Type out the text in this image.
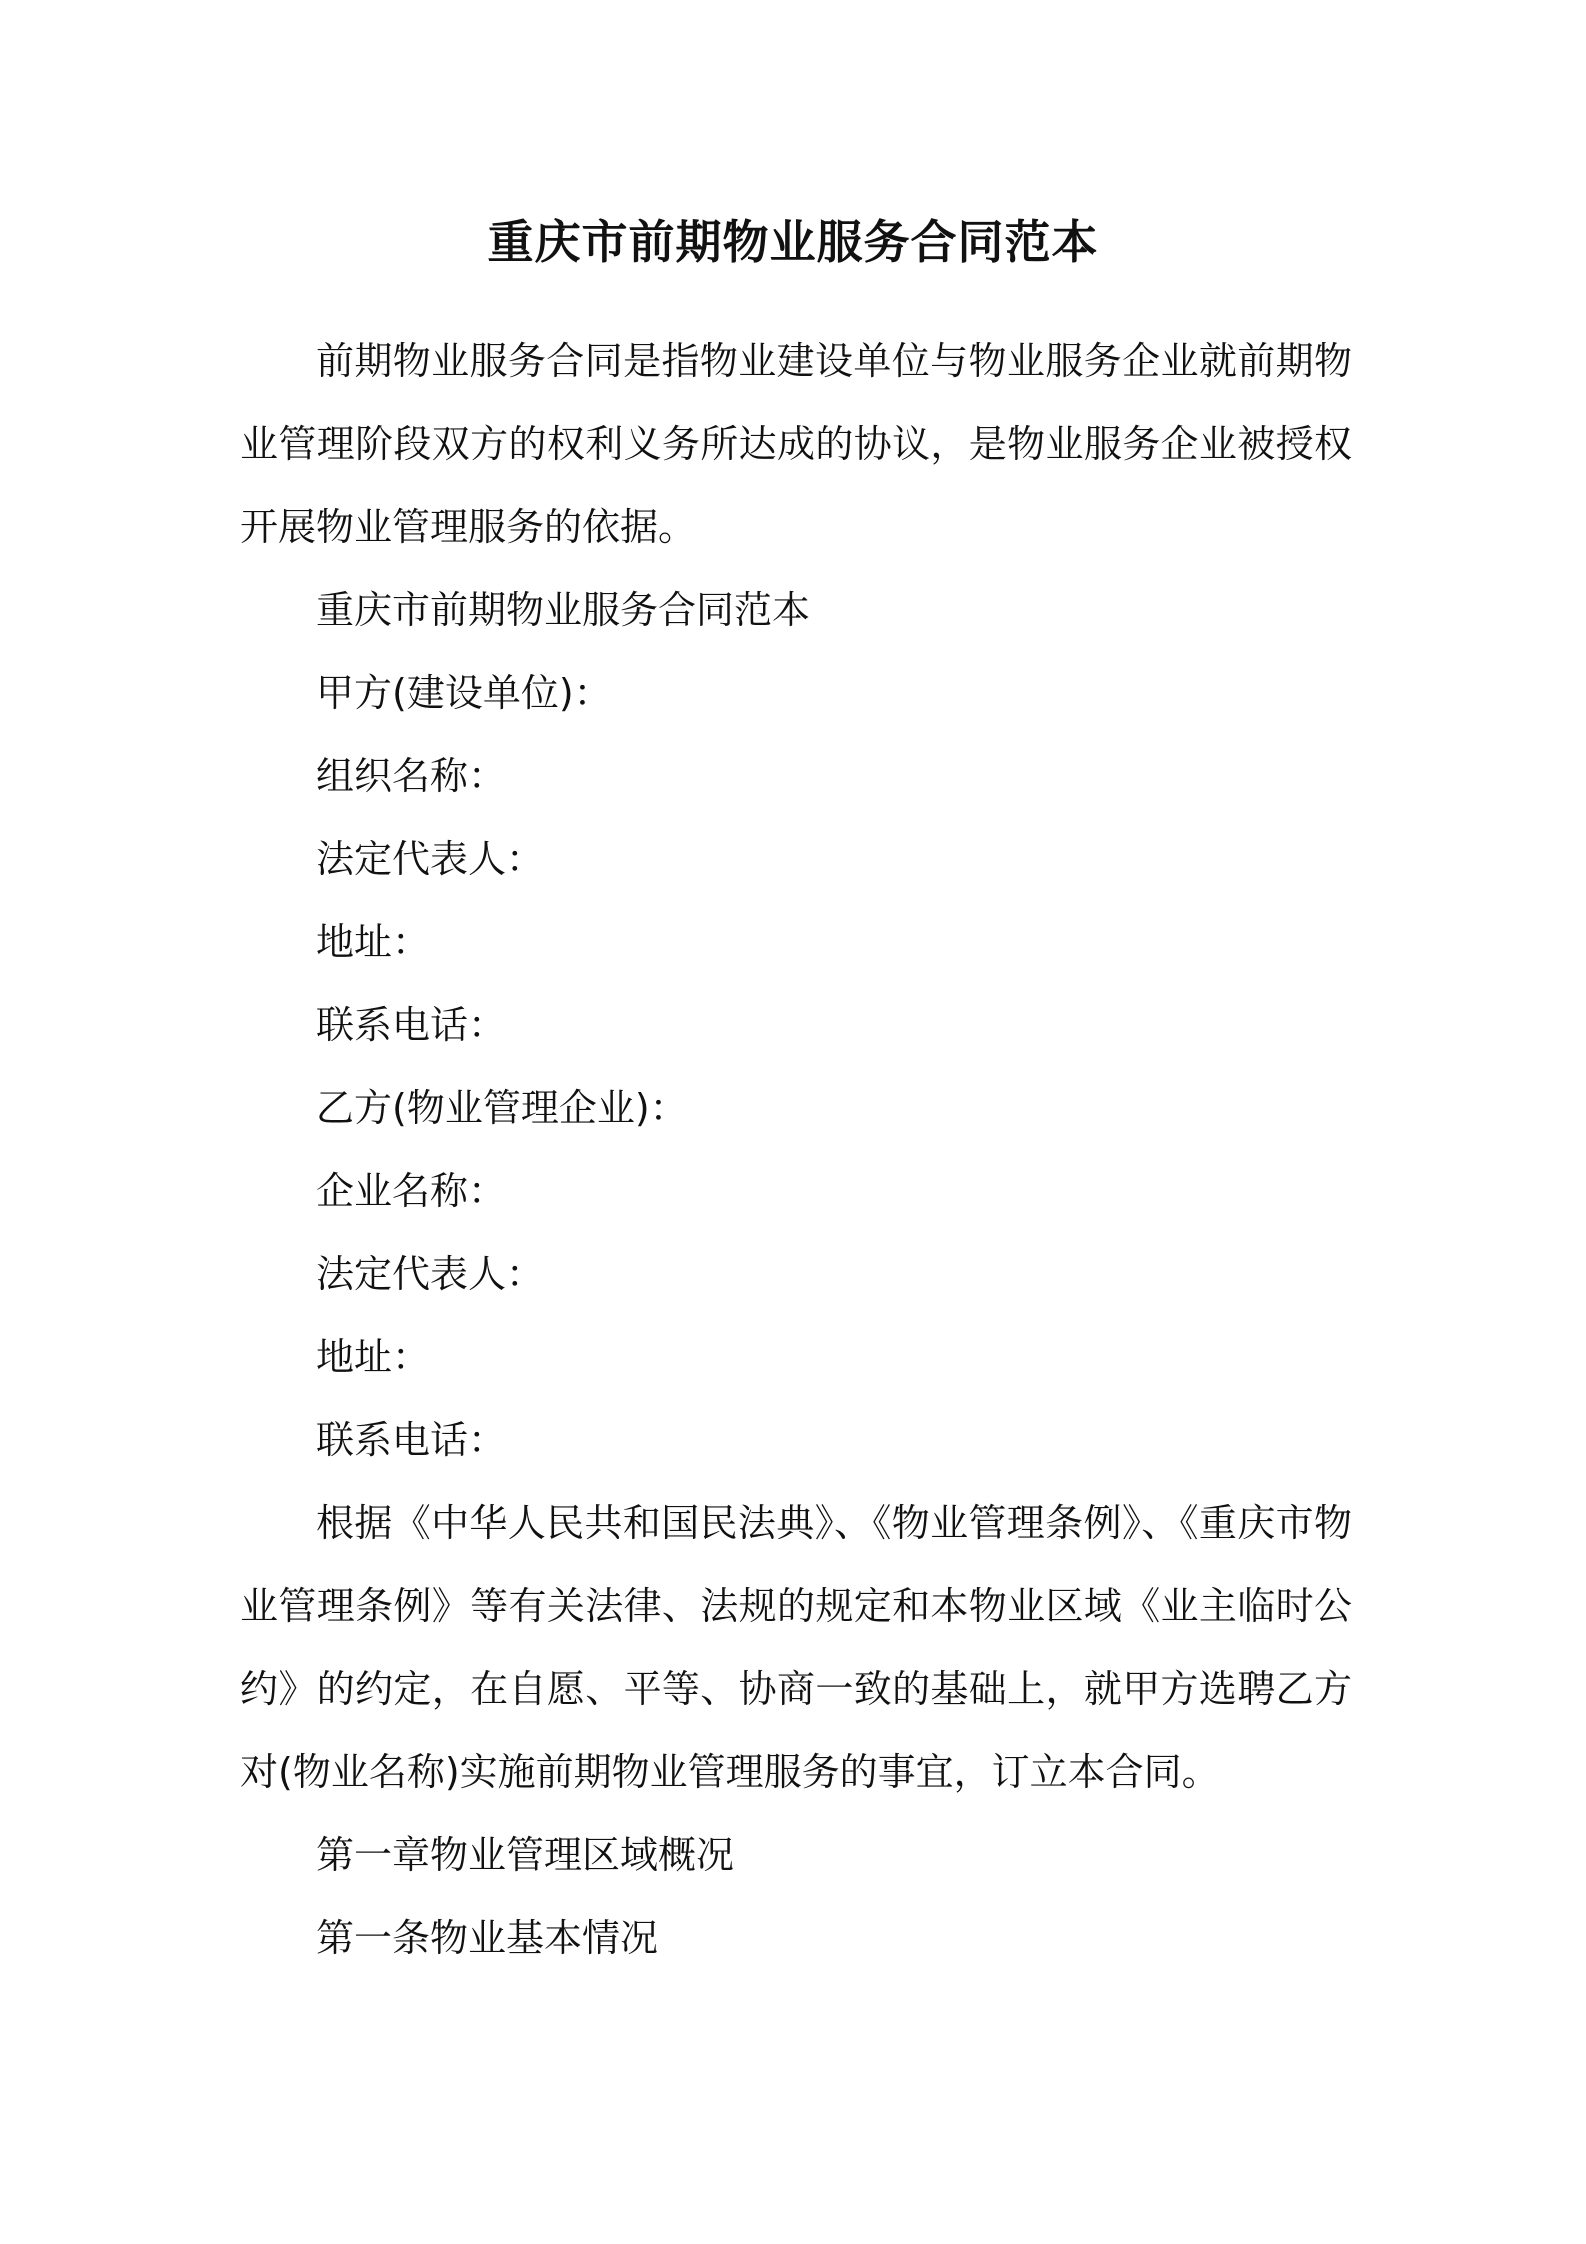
重庆市前期物业服务合同范本

前期物业服务合同是指物业建设单位与物业服务企业就前期物业管理阶段双方的权利义务所达成的协议，是物业服务企业被授权开展物业管理服务的依据。

重庆市前期物业服务合同范本

甲方(建设单位)：

组织名称：

法定代表人：

地址：

联系电话：

乙方(物业管理企业)：

企业名称：

法定代表人：

地址：

联系电话：

根据《中华人民共和国民法典》、《物业管理条例》、《重庆市物业管理条例》等有关法律、法规的规定和本物业区域《业主临时公约》的约定，在自愿、平等、协商一致的基础上，就甲方选聘乙方对(物业名称)实施前期物业管理服务的事宜，订立本合同。

第一章物业管理区域概况

第一条物业基本情况
